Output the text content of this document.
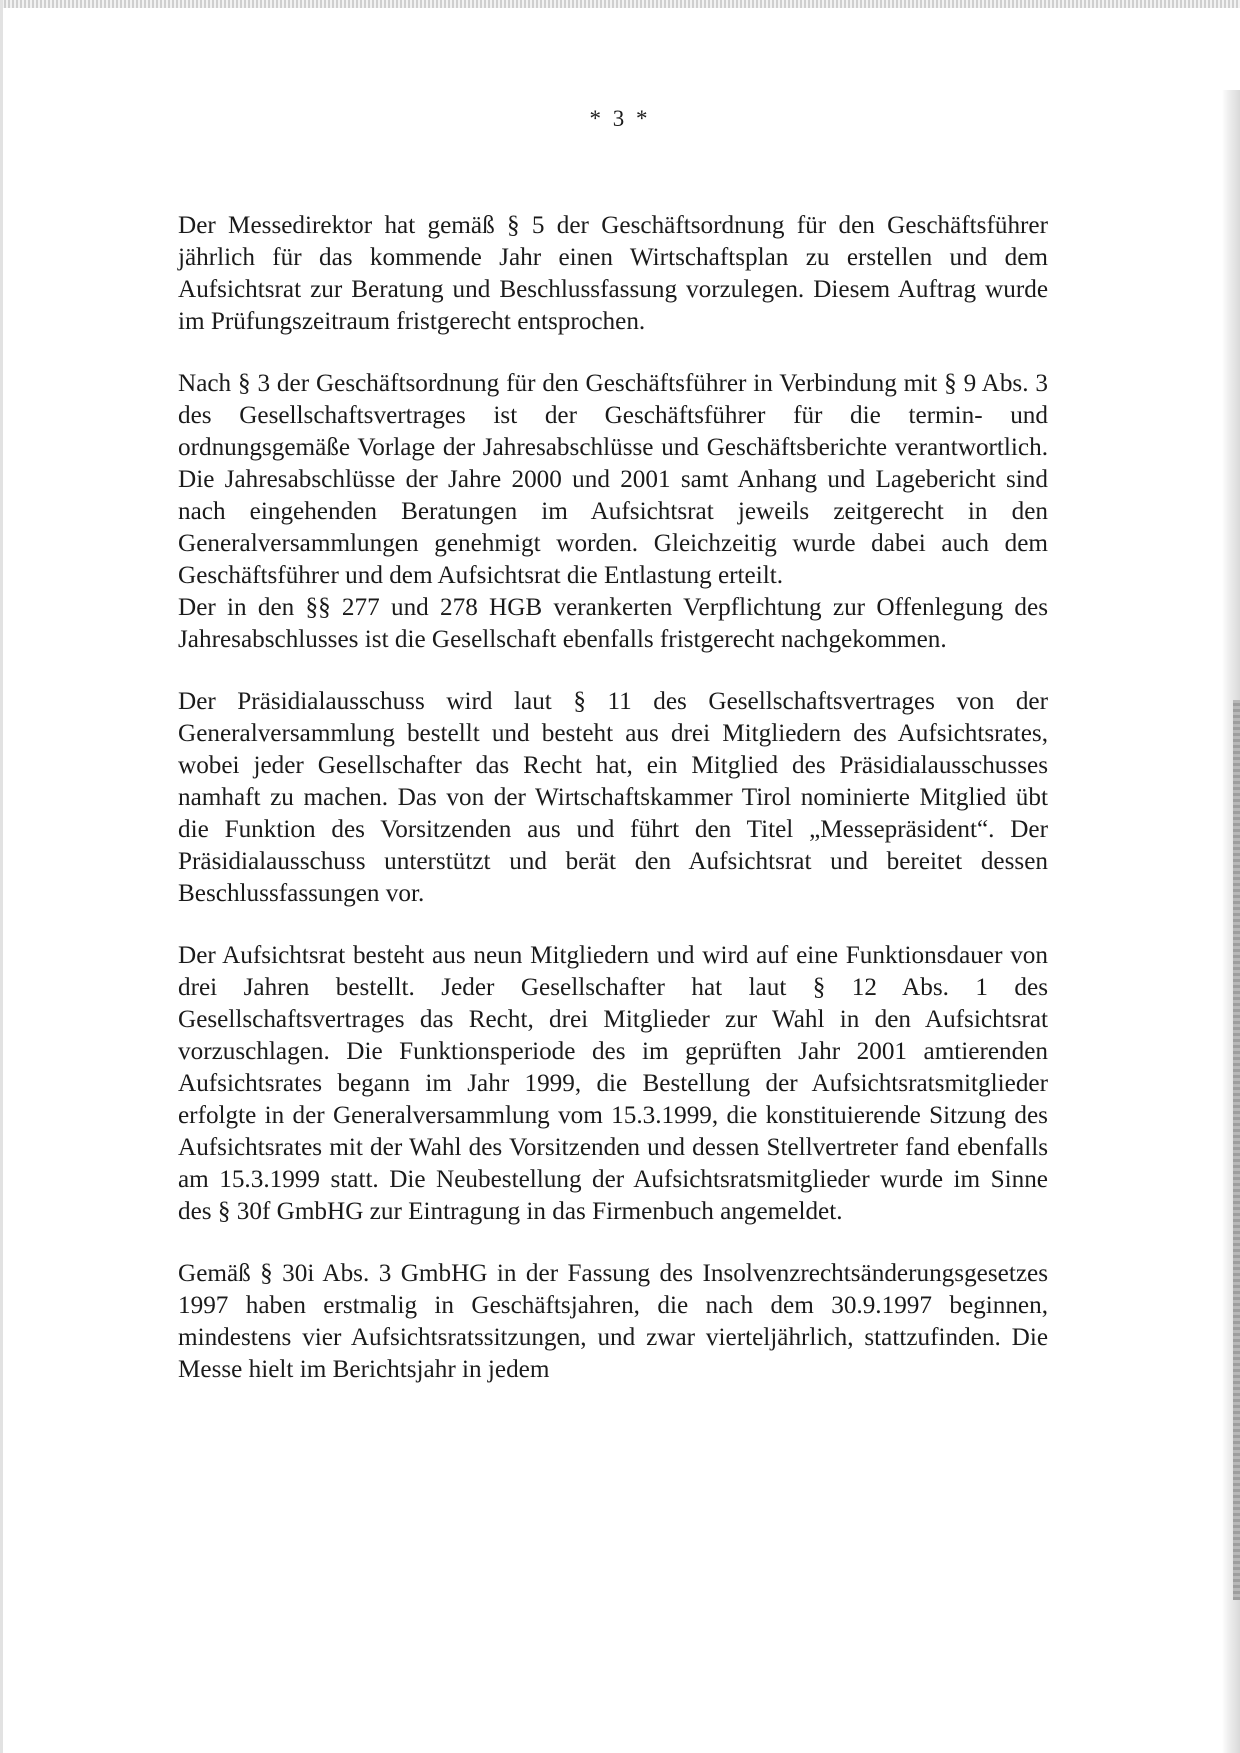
* 3 *

Der Messedirektor hat gemäß § 5 der Geschäftsordnung für den Geschäftsführer jährlich für das kommende Jahr einen Wirtschaftsplan zu erstellen und dem Aufsichtsrat zur Beratung und Beschlussfassung vorzulegen. Diesem Auftrag wurde im Prüfungszeitraum fristgerecht entsprochen.

Nach § 3 der Geschäftsordnung für den Geschäftsführer in Verbindung mit § 9 Abs. 3 des Gesellschaftsvertrages ist der Geschäftsführer für die termin- und ordnungsgemäße Vorlage der Jahresabschlüsse und Geschäftsberichte verantwortlich. Die Jahresabschlüsse der Jahre 2000 und 2001 samt Anhang und Lagebericht sind nach eingehenden Beratungen im Aufsichtsrat jeweils zeitgerecht in den Generalversammlungen genehmigt worden. Gleichzeitig wurde dabei auch dem Geschäftsführer und dem Aufsichtsrat die Entlastung erteilt.

Der in den §§ 277 und 278 HGB verankerten Verpflichtung zur Offenlegung des Jahresabschlusses ist die Gesellschaft ebenfalls fristgerecht nachgekommen.

Der Präsidialausschuss wird laut § 11 des Gesellschaftsvertrages von der Generalversammlung bestellt und besteht aus drei Mitgliedern des Aufsichtsrates, wobei jeder Gesellschafter das Recht hat, ein Mitglied des Präsidialausschusses namhaft zu machen. Das von der Wirtschaftskammer Tirol nominierte Mitglied übt die Funktion des Vorsitzenden aus und führt den Titel „Messepräsident“. Der Präsidialausschuss unterstützt und berät den Aufsichtsrat und bereitet dessen Beschlussfassungen vor.

Der Aufsichtsrat besteht aus neun Mitgliedern und wird auf eine Funktionsdauer von drei Jahren bestellt. Jeder Gesellschafter hat laut § 12 Abs. 1 des Gesellschaftsvertrages das Recht, drei Mitglieder zur Wahl in den Aufsichtsrat vorzuschlagen. Die Funktionsperiode des im geprüften Jahr 2001 amtierenden Aufsichtsrates begann im Jahr 1999, die Bestellung der Aufsichtsratsmitglieder erfolgte in der Generalversammlung vom 15.3.1999, die konstituierende Sitzung des Aufsichtsrates mit der Wahl des Vorsitzenden und dessen Stellvertreter fand ebenfalls am 15.3.1999 statt. Die Neubestellung der Aufsichtsratsmitglieder wurde im Sinne des § 30f GmbHG zur Eintragung in das Firmenbuch angemeldet.

Gemäß § 30i Abs. 3 GmbHG in der Fassung des Insolvenzrechtsänderungsgesetzes 1997 haben erstmalig in Geschäftsjahren, die nach dem 30.9.1997 beginnen, mindestens vier Aufsichtsratssitzungen, und zwar vierteljährlich, stattzufinden. Die Messe hielt im Berichtsjahr in jedem
